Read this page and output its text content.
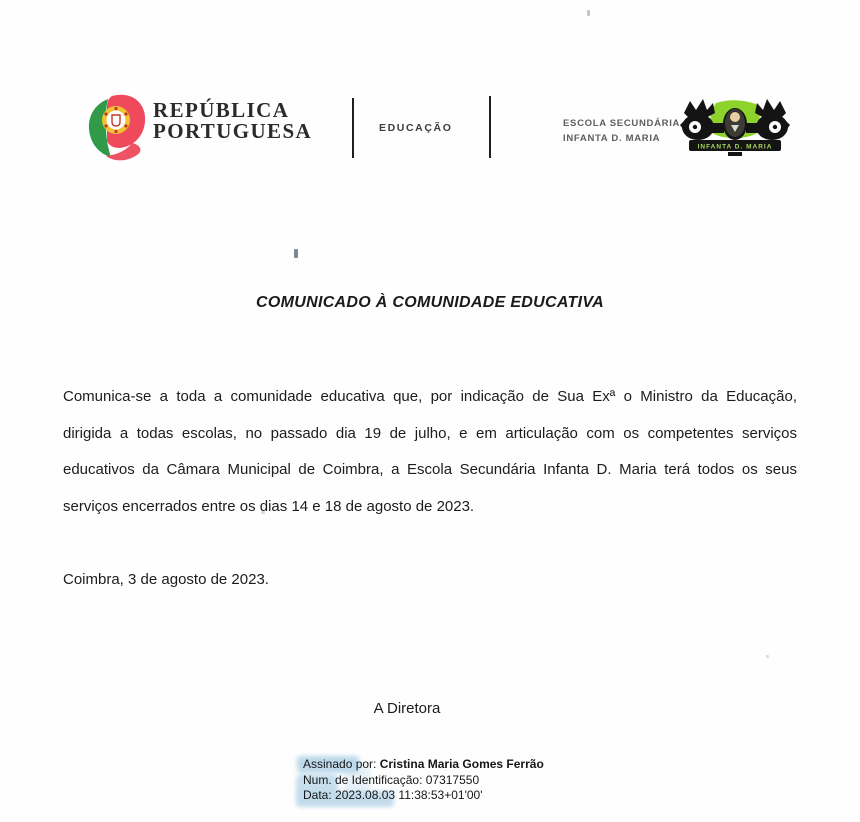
REPÚBLICA
PORTUGUESA	EDUCAÇÃO	ESCOLA SECUNDÁRIA
INFANTA D. MARIA
INFANTA D. MARIA
COMUNICADO À COMUNIDADE EDUCATIVA
Comunica-se a toda a comunidade educativa que, por indicação de Sua Exª o Ministro da Educação,
dirigida a todas escolas, no passado dia 19 de julho, e em articulação com os competentes serviços
educativos da Câmara Municipal de Coimbra, a Escola Secundária Infanta D. Maria terá todos os seus
serviços encerrados entre os dias 14 e 18 de agosto de 2023.
Coimbra, 3 de agosto de 2023.
A Diretora
Assinado por: Cristina Maria Gomes Ferrão
Num. de Identificação: 07317550
Data: 2023.08.03 11:38:53+01'00'
